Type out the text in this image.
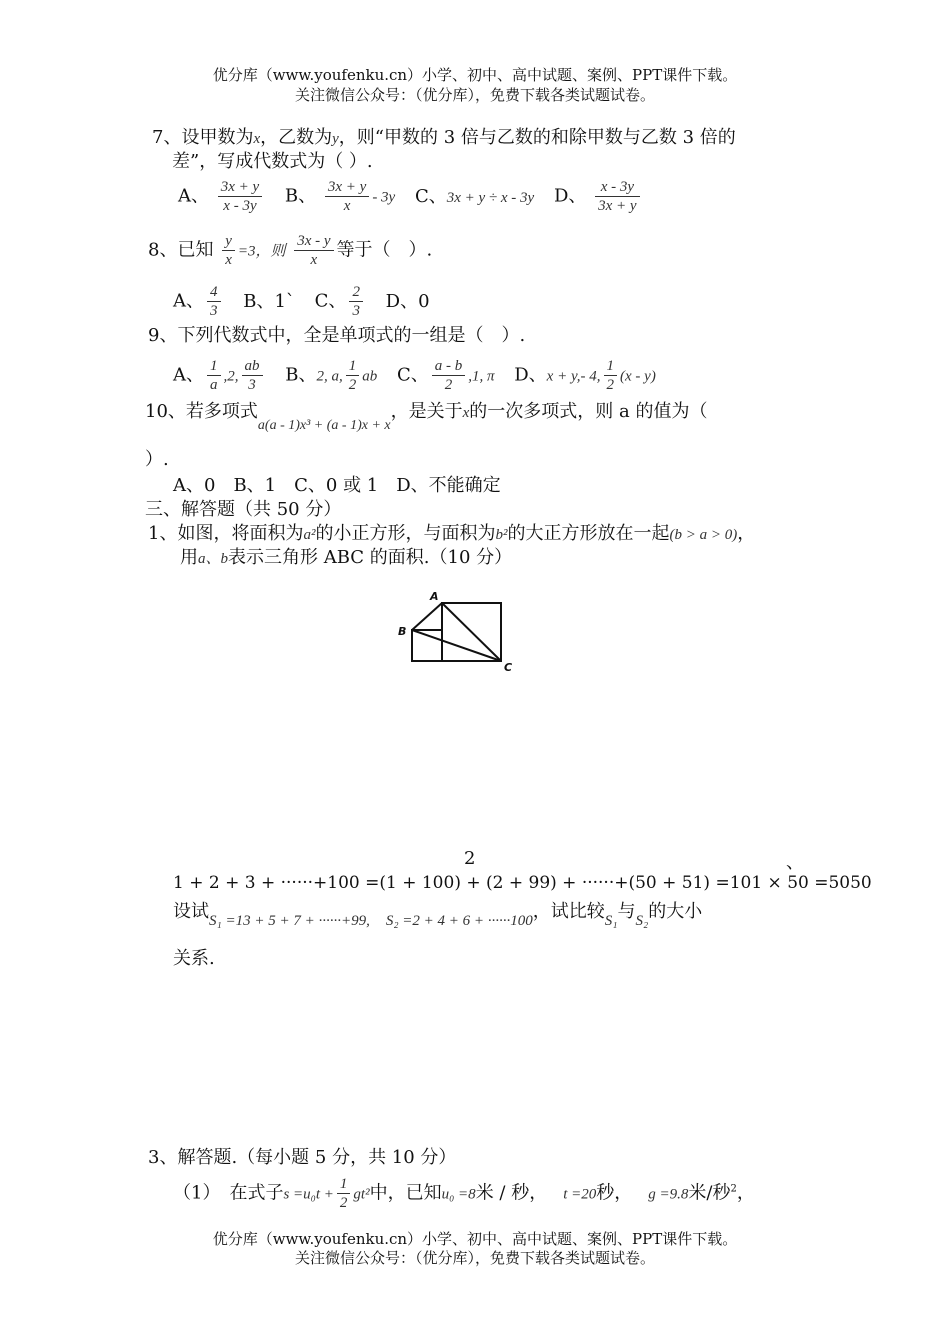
优分库（www.youfenku.cn）小学、初中、高中试题、案例、PPT课件下载。
关注微信公众号：（优分库），免费下载各类试题试卷。
7、设甲数为x，乙数为y，则“甲数的 3 倍与乙数的和除甲数与乙数 3 倍的
差”，写成代数式为（ ）.
A、 $\frac{3x + y}{x - 3y}$ B、 $\frac{3x + y}{x} - 3y$ C、3x + y ÷ x - 3y D、 $\frac{x - 3y}{3x + y}$
8、已知 $\frac{y}{x} =3$，则 $\frac{3x - y}{x}$ 等于（　）.
A、 $\frac{4}{3}$ B、1` C、 $\frac{2}{3}$ D、0
9、下列代数式中，全是单项式的一组是（　）.
A、 $\frac{1}{a} ,2$, $\frac{ab}{3}$ B、2, a, $\frac{1}{2}$ ab C、 $\frac{a - b}{2} ,1$, π D、x + y,- 4, $\frac{1}{2} (x - y)$
10、若多项式$_{a(a - 1)x^3 + (a - 1)x + x}$，是关于x的一次多项式，则 a 的值为（
）.
A、0　B、1　C、0 或 1　D、不能确定
三、解答题（共 50 分）
1、如图，将面积为a²的小正方形，与面积为b²的大正方形放在一起(b > a > 0)，
用a、b表示三角形 ABC 的面积.（10 分）
A
B
C
2	、
1 + 2 + 3 + ······+100 =(1 + 100) + (2 + 99) + ······+(50 + 51) =101 × 50 =5050
设试$_{S_1 =13 + 5 + 7 + \cdot\cdot\cdot\cdot\cdot\cdot+99,}$ $_{S_2 =2 + 4 + 6 + \cdot\cdot\cdot\cdot\cdot\cdot 100}$，试比较$_{S_1}$与$_{S_2}$的大小
关系.
3、解答题.（每小题 5 分，共 10 分）
（1）　在式子$s =u_0t + \frac{1}{2} gt^2$中，已知u₀ =8米 / 秒， t =20秒， g =9.8米/秒$^2$，
优分库（www.youfenku.cn）小学、初中、高中试题、案例、PPT课件下载。
关注微信公众号：（优分库），免费下载各类试题试卷。
